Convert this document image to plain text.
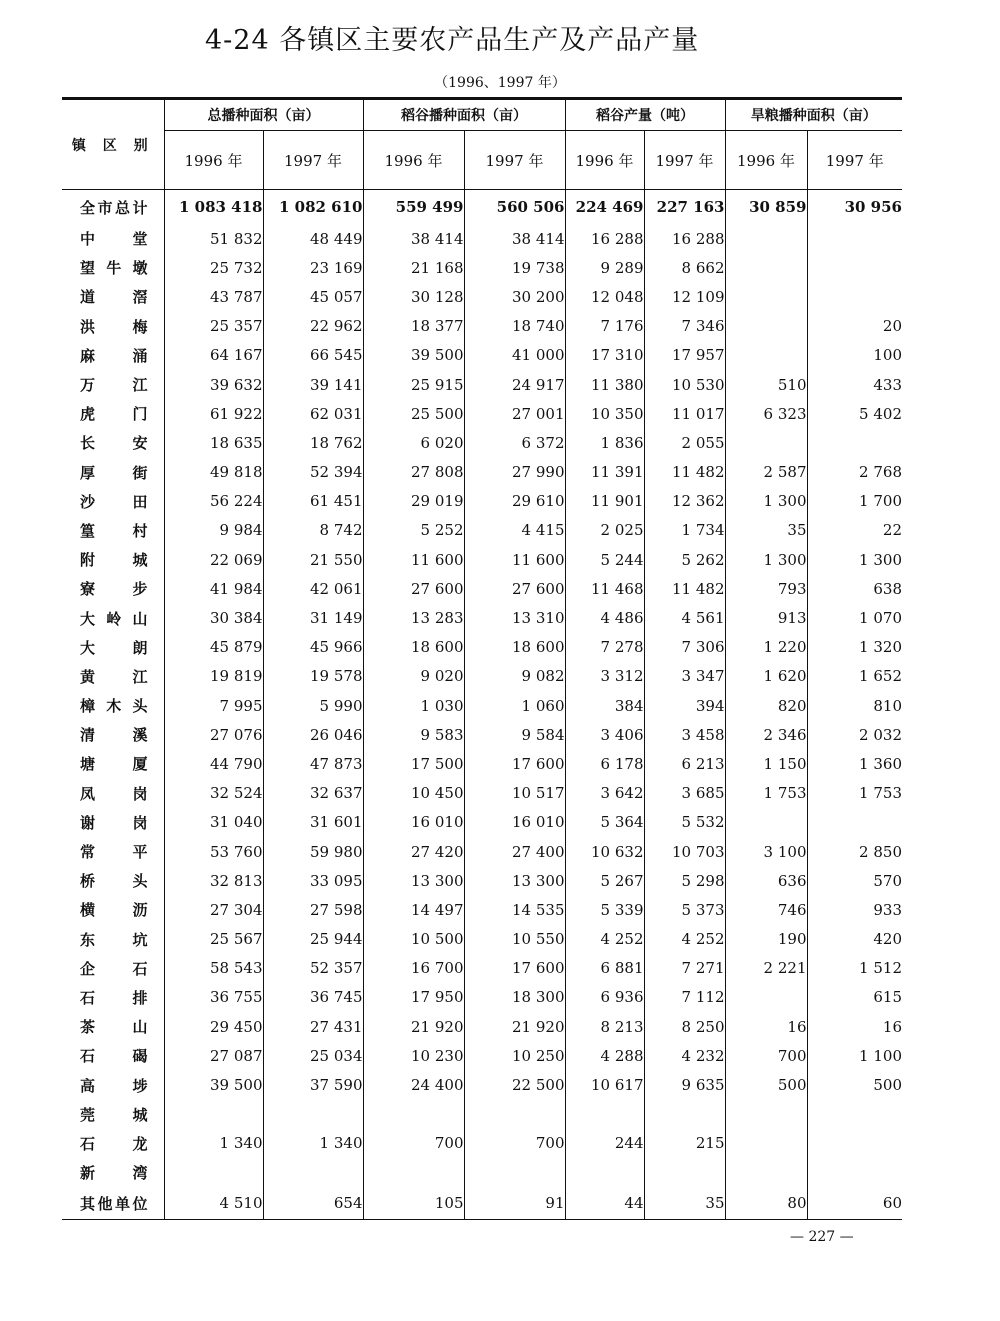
4-24 各镇区主要农产品生产及产品产量
（1996、1997 年）
镇 区 别	总播种面积（亩）		稻谷播种面积（亩）		稻谷产量（吨）		旱粮播种面积（亩）	
	1996 年	1997 年	1996 年	1997 年	1996 年	1997 年	1996 年	1997 年
全市总计	1 083 418	1 082 610	559 499	560 506	224 469	227 163	30 859	30 956
中堂	51 832	48 449	38 414	38 414	16 288	16 288		
望牛墩	25 732	23 169	21 168	19 738	9 289	8 662		
道滘	43 787	45 057	30 128	30 200	12 048	12 109		
洪梅	25 357	22 962	18 377	18 740	7 176	7 346		20
麻涌	64 167	66 545	39 500	41 000	17 310	17 957		100
万江	39 632	39 141	25 915	24 917	11 380	10 530	510	433
虎门	61 922	62 031	25 500	27 001	10 350	11 017	6 323	5 402
长安	18 635	18 762	6 020	6 372	1 836	2 055		
厚街	49 818	52 394	27 808	27 990	11 391	11 482	2 587	2 768
沙田	56 224	61 451	29 019	29 610	11 901	12 362	1 300	1 700
篁村	9 984	8 742	5 252	4 415	2 025	1 734	35	22
附城	22 069	21 550	11 600	11 600	5 244	5 262	1 300	1 300
寮步	41 984	42 061	27 600	27 600	11 468	11 482	793	638
大岭山	30 384	31 149	13 283	13 310	4 486	4 561	913	1 070
大朗	45 879	45 966	18 600	18 600	7 278	7 306	1 220	1 320
黄江	19 819	19 578	9 020	9 082	3 312	3 347	1 620	1 652
樟木头	7 995	5 990	1 030	1 060	384	394	820	810
清溪	27 076	26 046	9 583	9 584	3 406	3 458	2 346	2 032
塘厦	44 790	47 873	17 500	17 600	6 178	6 213	1 150	1 360
凤岗	32 524	32 637	10 450	10 517	3 642	3 685	1 753	1 753
谢岗	31 040	31 601	16 010	16 010	5 364	5 532		
常平	53 760	59 980	27 420	27 400	10 632	10 703	3 100	2 850
桥头	32 813	33 095	13 300	13 300	5 267	5 298	636	570
横沥	27 304	27 598	14 497	14 535	5 339	5 373	746	933
东坑	25 567	25 944	10 500	10 550	4 252	4 252	190	420
企石	58 543	52 357	16 700	17 600	6 881	7 271	2 221	1 512
石排	36 755	36 745	17 950	18 300	6 936	7 112		615
茶山	29 450	27 431	21 920	21 920	8 213	8 250	16	16
石碣	27 087	25 034	10 230	10 250	4 288	4 232	700	1 100
高埗	39 500	37 590	24 400	22 500	10 617	9 635	500	500
莞城								
石龙	1 340	1 340	700	700	244	215		
新湾								
其他单位	4 510	654	105	91	44	35	80	60
— 227 —
